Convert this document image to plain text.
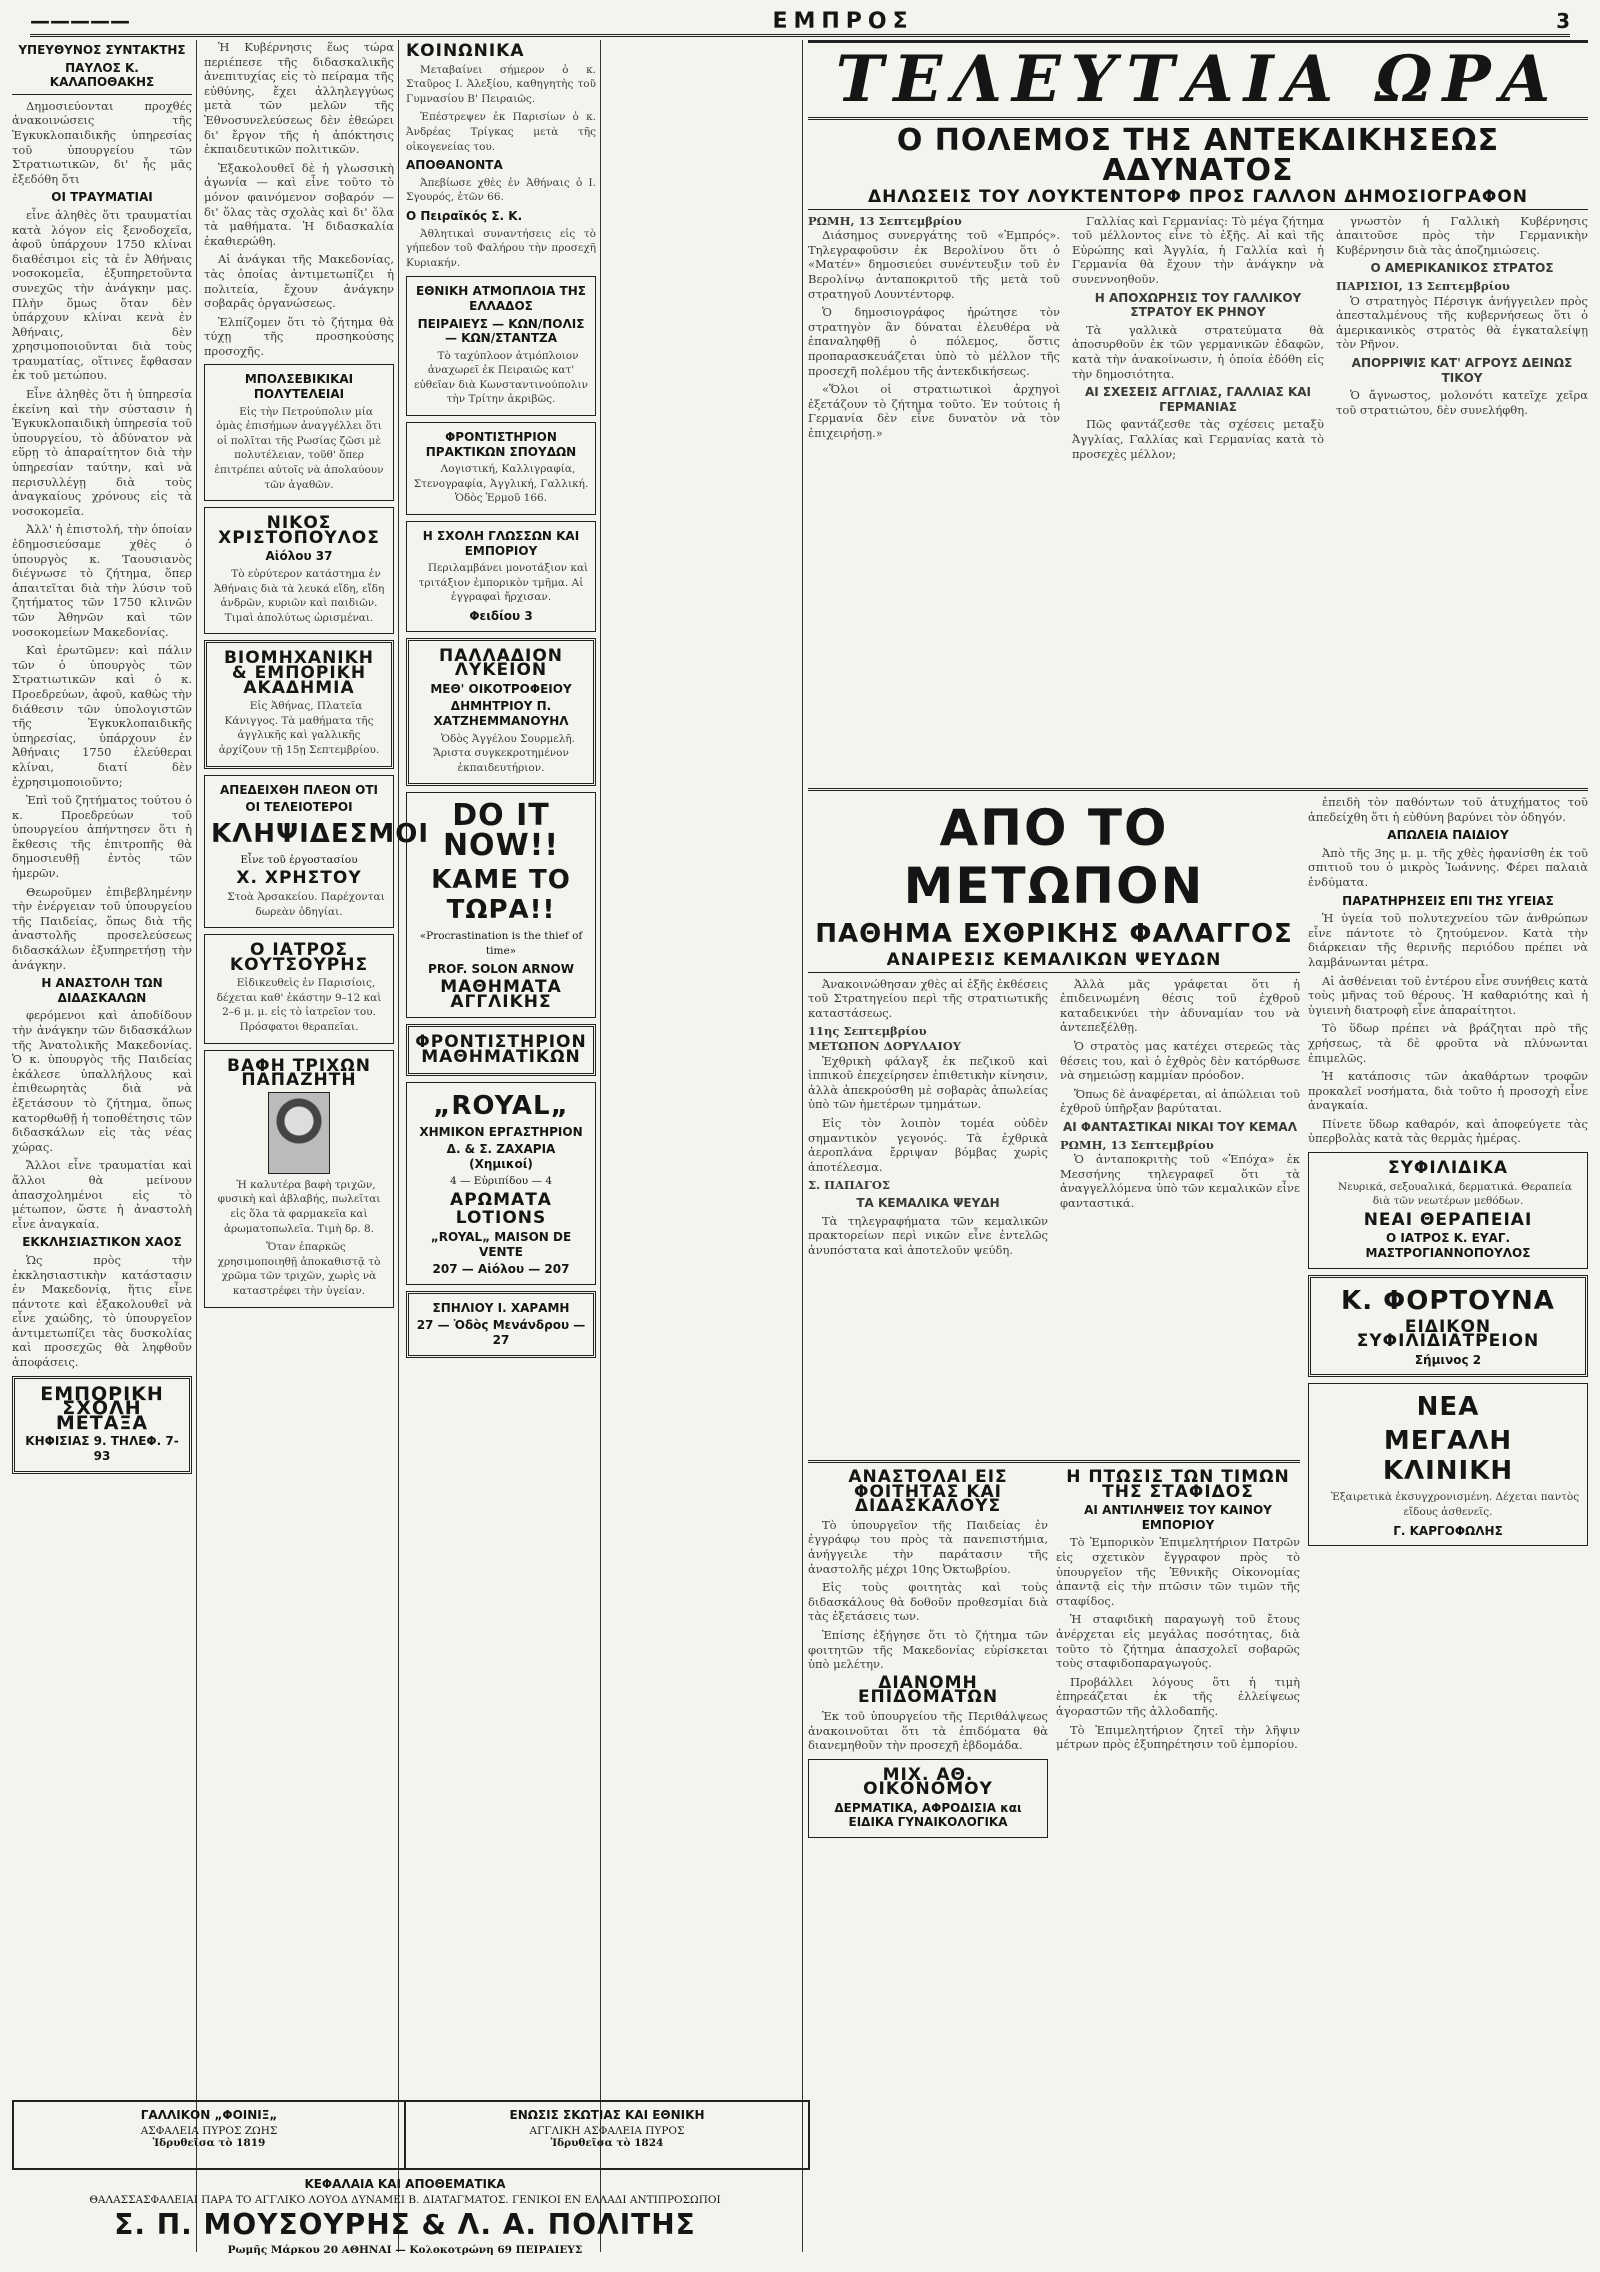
—————	ΕΜΠΡΟΣ	3
ΥΠΕΥΘΥΝΟΣ ΣΥΝΤΑΚΤΗΣ
ΠΑΥΛΟΣ Κ. ΚΑΛΑΠΟΘΑΚΗΣ

Δημοσιεύονται προχθές ἀνακοινώσεις τῆς Ἐγκυκλοπαιδικῆς ὑπηρεσίας τοῦ ὑπουργείου τῶν Στρατιωτικῶν, δι' ἧς μᾶς ἐξεδόθη ὅτι

ΟΙ ΤΡΑΥΜΑΤΙΑΙ

εἶνε ἀληθὲς ὅτι τραυματίαι κατὰ λόγον εἰς ξενοδοχεῖα, ἀφοῦ ὑπάρχουν 1750 κλίναι διαθέσιμοι εἰς τὰ ἐν Ἀθήναις νοσοκομεῖα, ἐξυπηρετοῦντα συνεχῶς τὴν ἀνάγκην μας. Πλὴν ὅμως ὅταν δὲν ὑπάρχουν κλίναι κενὰ ἐν Ἀθήναις, δὲν χρησιμοποιοῦνται διὰ τοὺς τραυματίας, οἵτινες ἔφθασαν ἐκ τοῦ μετώπου.

Εἶνε ἀληθὲς ὅτι ἡ ὑπηρεσία ἐκείνη καὶ τὴν σύστασιν ἡ Ἐγκυκλοπαιδικὴ ὑπηρεσία τοῦ ὑπουργείου, τὸ ἀδύνατον νὰ εὕρῃ τὸ ἀπαραίτητον διὰ τὴν ὑπηρεσίαν ταύτην, καὶ νὰ περισυλλέγῃ διὰ τοὺς ἀναγκαίους χρόνους εἰς τὰ νοσοκομεῖα.

Ἀλλ' ἡ ἐπιστολή, τὴν ὁποίαν ἐδημοσιεύσαμε χθὲς ὁ ὑπουργὸς κ. Ταουσιανὸς διέγνωσε τὸ ζήτημα, ὅπερ ἀπαιτεῖται διὰ τὴν λύσιν τοῦ ζητήματος τῶν 1750 κλινῶν τῶν Ἀθηνῶν καὶ τῶν νοσοκομείων Μακεδονίας.

Καὶ ἐρωτῶμεν: καὶ πάλιν τῶν ὁ ὑπουργὸς τῶν Στρατιωτικῶν καὶ ὁ κ. Προεδρεύων, ἀφοῦ, καθὼς τὴν διάθεσιν τῶν ὑπολογιστῶν τῆς Ἐγκυκλοπαιδικῆς ὑπηρεσίας, ὑπάρχουν ἐν Ἀθήναις 1750 ἐλεύθεραι κλίναι, διατί δὲν ἐχρησιμοποιοῦντο;

Ἐπὶ τοῦ ζητήματος τούτου ὁ κ. Προεδρεύων τοῦ ὑπουργείου ἀπήντησεν ὅτι ἡ ἔκθεσις τῆς ἐπιτροπῆς θὰ δημοσιευθῇ ἐντὸς τῶν ἡμερῶν.

Θεωροῦμεν ἐπιβεβλημένην τὴν ἐνέργειαν τοῦ ὑπουργείου τῆς Παιδείας, ὅπως διὰ τῆς ἀναστολῆς προσελεύσεως διδασκάλων ἐξυπηρετήσῃ τὴν ἀνάγκην.

Η ΑΝΑΣΤΟΛΗ ΤΩΝ ΔΙΔΑΣΚΑΛΩΝ

φερόμενοι καὶ ἀποδίδουν τὴν ἀνάγκην τῶν διδασκάλων τῆς Ἀνατολικῆς Μακεδονίας. Ὁ κ. ὑπουργὸς τῆς Παιδείας ἐκάλεσε ὑπαλλήλους καὶ ἐπιθεωρητὰς διὰ νὰ ἐξετάσουν τὸ ζήτημα, ὅπως κατορθωθῇ ἡ τοποθέτησις τῶν διδασκάλων εἰς τὰς νέας χώρας.

Ἄλλοι εἶνε τραυματίαι καὶ ἄλλοι θὰ μείνουν ἀπασχολημένοι εἰς τὸ μέτωπον, ὥστε ἡ ἀναστολὴ εἶνε ἀναγκαία.

ΕΚΚΛΗΣΙΑΣΤΙΚΟΝ ΧΑΟΣ

Ὡς πρὸς τὴν ἐκκλησιαστικὴν κατάστασιν ἐν Μακεδονίᾳ, ἥτις εἶνε πάντοτε καὶ ἐξακολουθεῖ νὰ εἶνε χαώδης, τὸ ὑπουργεῖον ἀντιμετωπίζει τὰς δυσκολίας καὶ προσεχῶς θὰ ληφθοῦν ἀποφάσεις.

ΕΜΠΟΡΙΚΗ ΣΧΟΛΗ ΜΕΤΑΞΑ
ΚΗΦΙΣΙΑΣ 9. ΤΗΛΕΦ. 7-93

Ἡ Κυβέρνησις ἕως τώρα περιέπεσε τῆς διδασκαλικῆς ἀνεπιτυχίας εἰς τὸ πείραμα τῆς εὐθύνης, ἔχει ἀλληλεγγύως μετὰ τῶν μελῶν τῆς Ἐθνοσυνελεύσεως δὲν ἐθεώρει δι' ἔργον τῆς ἡ ἀπόκτησις ἐκπαιδευτικῶν πολιτικῶν.

Ἐξακολουθεῖ δὲ ἡ γλωσσικὴ ἀγωνία — καὶ εἶνε τοῦτο τὸ μόνον φαινόμενον σοβαρόν — δι' ὅλας τὰς σχολὰς καὶ δι' ὅλα τὰ μαθήματα. Ἡ διδασκαλία ἐκαθιερώθη.

Αἱ ἀνάγκαι τῆς Μακεδονίας, τὰς ὁποίας ἀντιμετωπίζει ἡ πολιτεία, ἔχουν ἀνάγκην σοβαρᾶς ὀργανώσεως.

Ἐλπίζομεν ὅτι τὸ ζήτημα θὰ τύχῃ τῆς προσηκούσης προσοχῆς.

ΜΠΟΛΣΕΒΙΚΙΚΑΙ ΠΟΛΥΤΕΛΕΙΑΙ

Εἰς τὴν Πετρούπολιν μία ὁμὰς ἐπισήμων ἀναγγέλλει ὅτι οἱ πολῖται τῆς Ρωσίας ζῶσι μὲ πολυτέλειαν, τοῦθ' ὅπερ ἐπιτρέπει αὐτοῖς νὰ ἀπολαύουν τῶν ἀγαθῶν.

ΝΙΚΟΣ ΧΡΙΣΤΟΠΟΥΛΟΣ
Αἰόλου 37

Τὸ εὐρύτερον κατάστημα ἐν Ἀθήναις διὰ τὰ λευκά εἴδη, εἴδη ἀνδρῶν, κυριῶν καὶ παιδιῶν. Τιμαὶ ἀπολύτως ὡρισμέναι.

ΒΙΟΜΗΧΑΝΙΚΗ & ΕΜΠΟΡΙΚΗ ΑΚΑΔΗΜΙΑ

Εἰς Ἀθήνας, Πλατεῖα Κάνιγγος. Τὰ μαθήματα τῆς ἀγγλικῆς καὶ γαλλικῆς ἀρχίζουν τῇ 15ῃ Σεπτεμβρίου.

ΑΠΕΔΕΙΧΘΗ ΠΛΕΟΝ ΟΤΙ
ΟΙ ΤΕΛΕΙΟΤΕΡΟΙ
ΚΛΗΨΙΔΕΣΜΟΙ
Εἶνε τοῦ ἐργοστασίου
Χ. ΧΡΗΣΤΟΥ

Στοὰ Ἀρσακείου. Παρέχονται δωρεὰν ὁδηγίαι.

Ο ΙΑΤΡΟΣ ΚΟΥΤΣΟΥΡΗΣ

Εἰδικευθεὶς ἐν Παρισίοις, δέχεται καθ' ἑκάστην 9–12 καὶ 2–6 μ. μ. εἰς τὸ ἰατρεῖον του. Πρόσφατοι θεραπεῖαι.

ΒΑΦΗ ΤΡΙΧΩΝ ΠΑΠΑΖΗΤΗ

Ἡ καλυτέρα βαφὴ τριχῶν, φυσικὴ καὶ ἀβλαβής, πωλεῖται εἰς ὅλα τὰ φαρμακεῖα καὶ ἀρωματοπωλεῖα. Τιμὴ δρ. 8.

Ὅταν ἐπαρκῶς χρησιμοποιηθῇ ἀποκαθιστᾷ τὸ χρῶμα τῶν τριχῶν, χωρὶς νὰ καταστρέφει τὴν ὑγείαν.

ΚΟΙΝΩΝΙΚΑ

Μεταβαίνει σήμερον ὁ κ. Σταῦρος Ι. Ἀλεξίου, καθηγητὴς τοῦ Γυμνασίου Β' Πειραιῶς.

Ἐπέστρεψεν ἐκ Παρισίων ὁ κ. Ἀνδρέας Τρίγκας μετὰ τῆς οἰκογενείας του.

ΑΠΟΘΑΝΟΝΤΑ

Ἀπεβίωσε χθὲς ἐν Ἀθήναις ὁ Ι. Σγουρός, ἐτῶν 66.

Ο Πειραϊκός Σ. Κ.

Ἀθλητικαὶ συναντήσεις εἰς τὸ γήπεδον τοῦ Φαλήρου τὴν προσεχῆ Κυριακήν.

ΕΘΝΙΚΗ ΑΤΜΟΠΛΟΙΑ ΤΗΣ ΕΛΛΑΔΟΣ
ΠΕΙΡΑΙΕΥΣ — ΚΩΝ/ΠΟΛΙΣ — ΚΩΝ/ΣΤΑΝΤΖΑ

Τὸ ταχύπλοον ἀτμόπλοιον ἀναχωρεῖ ἐκ Πειραιῶς κατ' εὐθεῖαν διὰ Κωνσταντινούπολιν τὴν Τρίτην ἀκριβῶς.

ΦΡΟΝΤΙΣΤΗΡΙΟΝ ΠΡΑΚΤΙΚΩΝ ΣΠΟΥΔΩΝ

Λογιστική, Καλλιγραφία, Στενογραφία, Ἀγγλική, Γαλλική. Ὁδὸς Ἑρμοῦ 166.

Η ΣΧΟΛΗ ΓΛΩΣΣΩΝ ΚΑΙ ΕΜΠΟΡΙΟΥ

Περιλαμβάνει μονοτάξιον καὶ τριτάξιον ἐμπορικὸν τμῆμα. Αἱ ἐγγραφαὶ ἤρχισαν.

Φειδίου 3
ΠΑΛΛΑΔΙΟΝ ΛΥΚΕΙΟΝ
ΜΕΘ' ΟΙΚΟΤΡΟΦΕΙΟΥ
ΔΗΜΗΤΡΙΟΥ Π. ΧΑΤΖΗΕΜΜΑΝΟΥΗΛ

Ὁδὸς Ἀγγέλου Σουρμελῆ. Ἄριστα συγκεκροτημένον ἐκπαιδευτήριον.

DO IT NOW!!
ΚΑΜΕ ΤΟ ΤΩΡΑ!!
«Procrastination is the thief of time»
PROF. SOLON ARNOW
ΜΑΘΗΜΑΤΑ ΑΓΓΛΙΚΗΣ
ΦΡΟΝΤΙΣΤΗΡΙΟΝ ΜΑΘΗΜΑΤΙΚΩΝ
„ROYAL„
ΧΗΜΙΚΟΝ ΕΡΓΑΣΤΗΡΙΟΝ
Δ. & Σ. ΖΑΧΑΡΙΑ (Χημικοί)
4 — Εὐριπίδου — 4
ΑΡΩΜΑΤΑ
LOTIONS
„ROYAL„ MAISON DE VENTE
207 — Αἰόλου — 207
ΣΠΗΛΙΟΥ Ι. ΧΑΡΑΜΗ
27 — Ὁδὸς Μενάνδρου — 27
ΤΕΛΕΥΤΑΙΑ ΩΡΑ
Ο ΠΟΛΕΜΟΣ ΤΗΣ ΑΝΤΕΚΔΙΚΗΣΕΩΣ ΑΔΥΝΑΤΟΣ
ΔΗΛΩΣΕΙΣ ΤΟΥ ΛΟΥΚΤΕΝΤΟΡΦ ΠΡΟΣ ΓΑΛΛΟΝ ΔΗΜΟΣΙΟΓΡΑΦΟΝ
ΡΩΜΗ, 13 Σεπτεμβρίου

Διάσημος συνεργάτης τοῦ «Ἐμπρός». Τηλεγραφοῦσιν ἐκ Βερολίνου ὅτι ὁ «Ματέν» δημοσιεύει συνέντευξιν τοῦ ἐν Βερολίνῳ ἀνταποκριτοῦ τῆς μετὰ τοῦ στρατηγοῦ Λουντέντορφ.

Ὁ δημοσιογράφος ἠρώτησε τὸν στρατηγὸν ἂν δύναται ἐλευθέρα νὰ ἐπαναληφθῇ ὁ πόλεμος, ὅστις προπαρασκευάζεται ὑπὸ τὸ μέλλον τῆς προσεχῆ πολέμου τῆς ἀντεκδικήσεως.

«Ὅλοι οἱ στρατιωτικοὶ ἀρχηγοὶ ἐξετάζουν τὸ ζήτημα τοῦτο. Ἐν τούτοις ἡ Γερμανία δὲν εἶνε δυνατὸν νὰ τὸν ἐπιχειρήσῃ.»

Γαλλίας καὶ Γερμανίας: Τὸ μέγα ζήτημα τοῦ μέλλοντος εἶνε τὸ ἑξῆς. Αἱ καὶ τῆς Εὐρώπης καὶ Ἀγγλία, ἡ Γαλλία καὶ ἡ Γερμανία θὰ ἔχουν τὴν ἀνάγκην νὰ συνεννοηθοῦν.

Η ΑΠΟΧΩΡΗΣΙΣ ΤΟΥ ΓΑΛΛΙΚΟΥ ΣΤΡΑΤΟΥ ΕΚ ΡΗΝΟΥ

Τὰ γαλλικὰ στρατεύματα θὰ ἀποσυρθοῦν ἐκ τῶν γερμανικῶν ἐδαφῶν, κατὰ τὴν ἀνακοίνωσιν, ἡ ὁποία ἐδόθη εἰς τὴν δημοσιότητα.

ΑΙ ΣΧΕΣΕΙΣ ΑΓΓΛΙΑΣ, ΓΑΛΛΙΑΣ ΚΑΙ ΓΕΡΜΑΝΙΑΣ

Πῶς φαντάζεσθε τὰς σχέσεις μεταξὺ Ἀγγλίας, Γαλλίας καὶ Γερμανίας κατὰ τὸ προσεχὲς μέλλον;

γνωστὸν ἡ Γαλλικὴ Κυβέρνησις ἀπαιτοῦσε πρὸς τὴν Γερμανικὴν Κυβέρνησιν διὰ τὰς ἀποζημιώσεις.

Ο ΑΜΕΡΙΚΑΝΙΚΟΣ ΣΤΡΑΤΟΣ
ΠΑΡΙΣΙΟΙ, 13 Σεπτεμβρίου

Ὁ στρατηγὸς Πέρσιγκ ἀνήγγειλεν πρὸς ἀπεσταλμένους τῆς κυβερνήσεως ὅτι ὁ ἀμερικανικὸς στρατὸς θὰ ἐγκαταλείψῃ τὸν Ρῆνον.

ΑΠΟΡΡΙΨΙΣ ΚΑΤ' ΑΓΡΟΥΣ ΔΕΙΝΩΣ ΤΙΚΟΥ

Ὁ ἄγνωστος, μολονότι κατεῖχε χεῖρα τοῦ στρατιώτου, δὲν συνελήφθη.

ΑΠΟ ΤΟ ΜΕΤΩΠΟΝ
ΠΑΘΗΜΑ ΕΧΘΡΙΚΗΣ ΦΑΛΑΓΓΟΣ
ΑΝΑΙΡΕΣΙΣ ΚΕΜΑΛΙΚΩΝ ΨΕΥΔΩΝ

Ἀνακοινώθησαν χθὲς αἱ ἑξῆς ἐκθέσεις τοῦ Στρατηγείου περὶ τῆς στρατιωτικῆς καταστάσεως.

11ης Σεπτεμβρίου
ΜΕΤΩΠΟΝ ΔΟΡΥΛΑΙΟΥ

Ἐχθρικὴ φάλαγξ ἐκ πεζικοῦ καὶ ἱππικοῦ ἐπεχείρησεν ἐπιθετικὴν κίνησιν, ἀλλὰ ἀπεκρούσθη μὲ σοβαρὰς ἀπωλείας ὑπὸ τῶν ἡμετέρων τμημάτων.

Εἰς τὸν λοιπὸν τομέα οὐδὲν σημαντικὸν γεγονός. Τὰ ἐχθρικὰ ἀεροπλάνα ἔρριψαν βόμβας χωρὶς ἀποτέλεσμα.

Σ. ΠΑΠΑΓΟΣ
ΤΑ ΚΕΜΑΛΙΚΑ ΨΕΥΔΗ

Τὰ τηλεγραφήματα τῶν κεμαλικῶν πρακτορείων περὶ νικῶν εἶνε ἐντελῶς ἀνυπόστατα καὶ ἀποτελοῦν ψεύδη.

Ἀλλὰ μᾶς γράφεται ὅτι ἡ ἐπιδεινωμένη θέσις τοῦ ἐχθροῦ καταδεικνύει τὴν ἀδυναμίαν του νὰ ἀντεπεξέλθῃ.

Ὁ στρατὸς μας κατέχει στερεῶς τὰς θέσεις του, καὶ ὁ ἐχθρὸς δὲν κατόρθωσε νὰ σημειώσῃ καμμίαν πρόοδον.

Ὅπως δὲ ἀναφέρεται, αἱ ἀπώλειαι τοῦ ἐχθροῦ ὑπῆρξαν βαρύταται.

ΑΙ ΦΑΝΤΑΣΤΙΚΑΙ ΝΙΚΑΙ ΤΟΥ ΚΕΜΑΛ
ΡΩΜΗ, 13 Σεπτεμβρίου

Ὁ ἀνταποκριτὴς τοῦ «Ἐπόχα» ἐκ Μεσσήνης τηλεγραφεῖ ὅτι τὰ ἀναγγελλόμενα ὑπὸ τῶν κεμαλικῶν εἶνε φανταστικά.

ἐπειδὴ τὸν παθόντων τοῦ ἀτυχήματος τοῦ ἀπεδείχθη ὅτι ἡ εὐθύνη βαρύνει τὸν ὁδηγόν.

ΑΠΩΛΕΙΑ ΠΑΙΔΙΟΥ

Ἀπὸ τῆς 3ης μ. μ. τῆς χθὲς ἠφανίσθη ἐκ τοῦ σπιτιοῦ του ὁ μικρὸς Ἰωάννης. Φέρει παλαιὰ ἐνδύματα.

ΠΑΡΑΤΗΡΗΣΕΙΣ ΕΠΙ ΤΗΣ ΥΓΕΙΑΣ

Ἡ ὑγεία τοῦ πολυτεχνείου τῶν ἀνθρώπων εἶνε πάντοτε τὸ ζητούμενον. Κατὰ τὴν διάρκειαν τῆς θερινῆς περιόδου πρέπει νὰ λαμβάνωνται μέτρα.

Αἱ ἀσθένειαι τοῦ ἐντέρου εἶνε συνήθεις κατὰ τοὺς μῆνας τοῦ θέρους. Ἡ καθαριότης καὶ ἡ ὑγιεινὴ διατροφὴ εἶνε ἀπαραίτητοι.

Τὸ ὕδωρ πρέπει νὰ βράζηται πρὸ τῆς χρήσεως, τὰ δὲ φροῦτα νὰ πλύνωνται ἐπιμελῶς.

Ἡ κατάποσις τῶν ἀκαθάρτων τροφῶν προκαλεῖ νοσήματα, διὰ τοῦτο ἡ προσοχὴ εἶνε ἀναγκαία.

Πίνετε ὕδωρ καθαρόν, καὶ ἀποφεύγετε τὰς ὑπερβολὰς κατὰ τὰς θερμὰς ἡμέρας.

ΣΥΦΙΛΙΔΙΚΑ

Νευρικά, σεξουαλικά, δερματικά. Θεραπεία διὰ τῶν νεωτέρων μεθόδων.

ΝΕΑΙ ΘΕΡΑΠΕΙΑΙ
Ο ΙΑΤΡΟΣ Κ. ΕΥΑΓ. ΜΑΣΤΡΟΓΙΑΝΝΟΠΟΥΛΟΣ
Κ. ΦΟΡΤΟΥΝΑ
ΕΙΔΙΚΟΝ ΣΥΦΙΛΙΔΙΑΤΡΕΙΟΝ
Σήμινος 2
ΝΕΑ
ΜΕΓΑΛΗ ΚΛΙΝΙΚΗ

Ἐξαιρετικὰ ἐκσυγχρονισμένη. Δέχεται παντὸς εἴδους ἀσθενεῖς.

Γ. ΚΑΡΓΟΦΩΛΗΣ
ΑΝΑΣΤΟΛΑΙ ΕΙΣ ΦΟΙΤΗΤΑΣ ΚΑΙ ΔΙΔΑΣΚΑΛΟΥΣ

Τὸ ὑπουργεῖον τῆς Παιδείας ἐν ἐγγράφῳ του πρὸς τὰ πανεπιστήμια, ἀνήγγειλε τὴν παράτασιν τῆς ἀναστολῆς μέχρι 10ης Ὀκτωβρίου.

Εἰς τοὺς φοιτητὰς καὶ τοὺς διδασκάλους θὰ δοθοῦν προθεσμίαι διὰ τὰς ἐξετάσεις των.

Ἐπίσης ἐξήγησε ὅτι τὸ ζήτημα τῶν φοιτητῶν τῆς Μακεδονίας εὑρίσκεται ὑπὸ μελέτην.

ΔΙΑΝΟΜΗ ΕΠΙΔΟΜΑΤΩΝ

Ἐκ τοῦ ὑπουργείου τῆς Περιθάλψεως ἀνακοινοῦται ὅτι τὰ ἐπιδόματα θὰ διανεμηθοῦν τὴν προσεχῆ ἑβδομάδα.

ΜΙΧ. ΑΘ. ΟΙΚΟΝΟΜΟΥ
ΔΕΡΜΑΤΙΚΑ, ΑΦΡΟΔΙΣΙΑ και ΕΙΔΙΚΑ ΓΥΝΑΙΚΟΛΟΓΙΚΑ
Η ΠΤΩΣΙΣ ΤΩΝ ΤΙΜΩΝ ΤΗΣ ΣΤΑΦΙΔΟΣ
ΑΙ ΑΝΤΙΛΗΨΕΙΣ ΤΟΥ ΚΑΙΝΟΥ ΕΜΠΟΡΙΟΥ

Τὸ Ἐμπορικὸν Ἐπιμελητήριον Πατρῶν εἰς σχετικὸν ἔγγραφον πρὸς τὸ ὑπουργεῖον τῆς Ἐθνικῆς Οἰκονομίας ἀπαντᾷ εἰς τὴν πτῶσιν τῶν τιμῶν τῆς σταφίδος.

Ἡ σταφιδικὴ παραγωγὴ τοῦ ἔτους ἀνέρχεται εἰς μεγάλας ποσότητας, διὰ τοῦτο τὸ ζήτημα ἀπασχολεῖ σοβαρῶς τοὺς σταφιδοπαραγωγούς.

Προβάλλει λόγους ὅτι ἡ τιμὴ ἐπηρεάζεται ἐκ τῆς ἐλλείψεως ἀγοραστῶν τῆς ἀλλοδαπῆς.

Τὸ Ἐπιμελητήριον ζητεῖ τὴν λῆψιν μέτρων πρὸς ἐξυπηρέτησιν τοῦ ἐμπορίου.

ΓΑΛΛΙΚΟΝ „ΦΟΙΝΙΞ„
ΑΣΦΑΛΕΙΑ ΠΥΡΟΣ ΖΩΗΣ
Ἱδρυθεῖσα τὸ 1819
ΕΝΩΣΙΣ ΣΚΩΤΙΑΣ ΚΑΙ ΕΘΝΙΚΗ
ΑΓΓΛΙΚΗ ΑΣΦΑΛΕΙΑ ΠΥΡΟΣ
Ἱδρυθεῖσα τὸ 1824
ΚΕΦΑΛΑΙΑ ΚΑΙ ΑΠΟΘΕΜΑΤΙΚΑ
ΘΑΛΑΣΣΑΣΦΑΛΕΙΑΙ ΠΑΡΑ ΤΟ ΑΓΓΛΙΚΟ ΛΟΥΟΔ ΔΥΝΑΜΕΙ Β. ΔΙΑΤΑΓΜΑΤΟΣ. ΓΕΝΙΚΟΙ ΕΝ ΕΛΛΑΔΙ ΑΝΤΙΠΡΟΣΩΠΟΙ
Σ. Π. ΜΟΥΣΟΥΡΗΣ & Λ. Α. ΠΟΛΙΤΗΣ
Ρωμῆς Μάρκου 20 ΑΘΗΝΑΙ — Κολοκοτρώνη 69 ΠΕΙΡΑΙΕΥΣ
